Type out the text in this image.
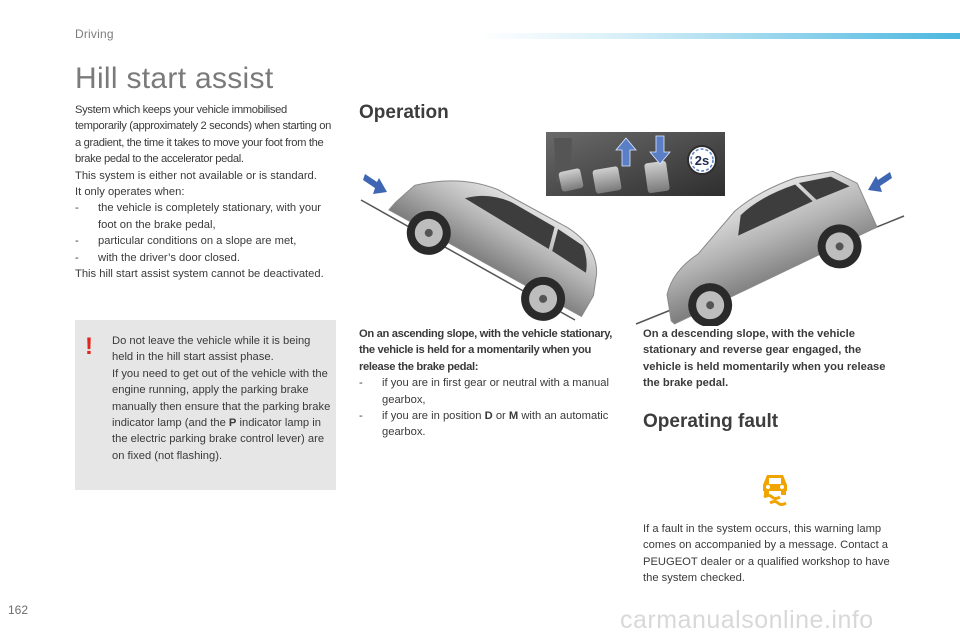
Driving
Hill start assist

System which keeps your vehicle immobilised temporarily (approximately 2 seconds) when starting on a gradient, the time it takes to move your foot from the brake pedal to the accelerator pedal.

This system is either not available or is standard.

It only operates when:

-	the vehicle is completely stationary, with your foot on the brake pedal,
-	particular conditions on a slope are met,
-	with the driver’s door closed.

This hill start assist system cannot be deactivated.

! Do not leave the vehicle while it is being held in the hill start assist phase.

If you need to get out of the vehicle with the engine running, apply the parking brake manually then ensure that the parking brake indicator lamp (and the P indicator lamp in the electric parking brake control lever) are on fixed (not flashing).

Operation
2s

On an ascending slope, with the vehicle stationary, the vehicle is held for a momentarily when you release the brake pedal:

-	if you are in first gear or neutral with a manual gearbox,
-	if you are in position D or M with an automatic gearbox.
On a descending slope, with the vehicle stationary and reverse gear engaged, the vehicle is held momentarily when you release the brake pedal.
Operating fault
If a fault in the system occurs, this warning lamp comes on accompanied by a message. Contact a PEUGEOT dealer or a qualified workshop to have the system checked.
162	carmanualsonline.info
